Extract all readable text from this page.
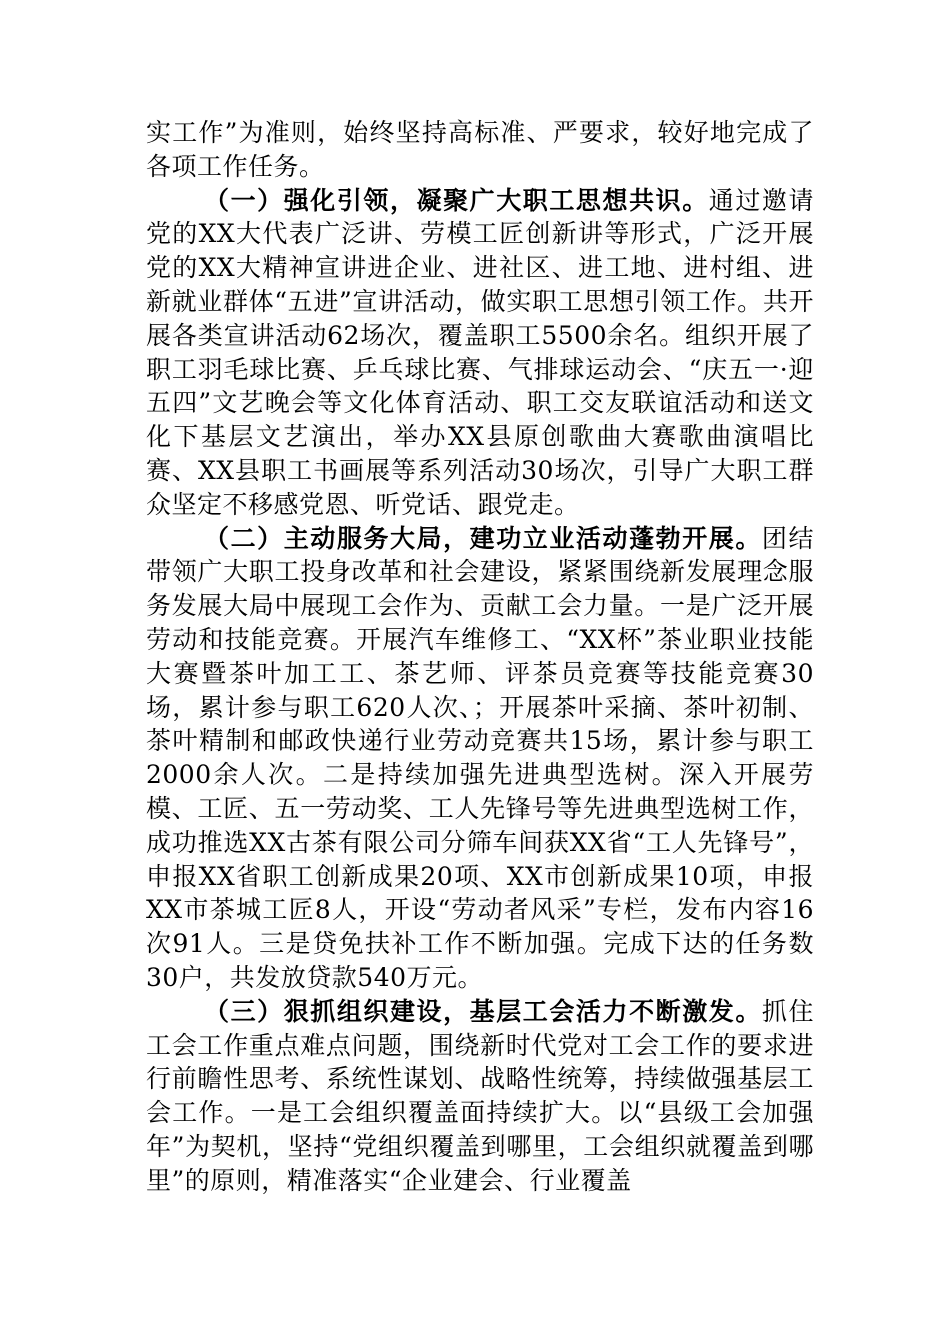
实工作”为准则，始终坚持高标准、严要求，较好地完成了各项工作任务。

（一）强化引领，凝聚广大职工思想共识。通过邀请党的XX大代表广泛讲、劳模工匠创新讲等形式，广泛开展党的XX大精神宣讲进企业、进社区、进工地、进村组、进新就业群体“五进”宣讲活动，做实职工思想引领工作。共开展各类宣讲活动62场次，覆盖职工5500余名。组织开展了职工羽毛球比赛、乒乓球比赛、气排球运动会、“庆五一·迎五四”文艺晚会等文化体育活动、职工交友联谊活动和送文化下基层文艺演出，举办XX县原创歌曲大赛歌曲演唱比赛、XX县职工书画展等系列活动30场次，引导广大职工群众坚定不移感党恩、听党话、跟党走。

（二）主动服务大局，建功立业活动蓬勃开展。团结带领广大职工投身改革和社会建设，紧紧围绕新发展理念服务发展大局中展现工会作为、贡献工会力量。一是广泛开展劳动和技能竞赛。开展汽车维修工、“XX杯”茶业职业技能大赛暨茶叶加工工、茶艺师、评茶员竞赛等技能竞赛30场，累计参与职工620人次、；开展茶叶采摘、茶叶初制、茶叶精制和邮政快递行业劳动竞赛共15场，累计参与职工2000余人次。二是持续加强先进典型选树。深入开展劳模、工匠、五一劳动奖、工人先锋号等先进典型选树工作，成功推选XX古茶有限公司分筛车间获XX省“工人先锋号”，申报XX省职工创新成果20项、XX市创新成果10项，申报XX市茶城工匠8人，开设“劳动者风采”专栏，发布内容16次91人。三是贷免扶补工作不断加强。完成下达的任务数30户，共发放贷款540万元。

（三）狠抓组织建设，基层工会活力不断激发。抓住工会工作重点难点问题，围绕新时代党对工会工作的要求进行前瞻性思考、系统性谋划、战略性统筹，持续做强基层工会工作。一是工会组织覆盖面持续扩大。以“县级工会加强年”为契机，坚持“党组织覆盖到哪里，工会组织就覆盖到哪里”的原则，精准落实“企业建会、行业覆盖
